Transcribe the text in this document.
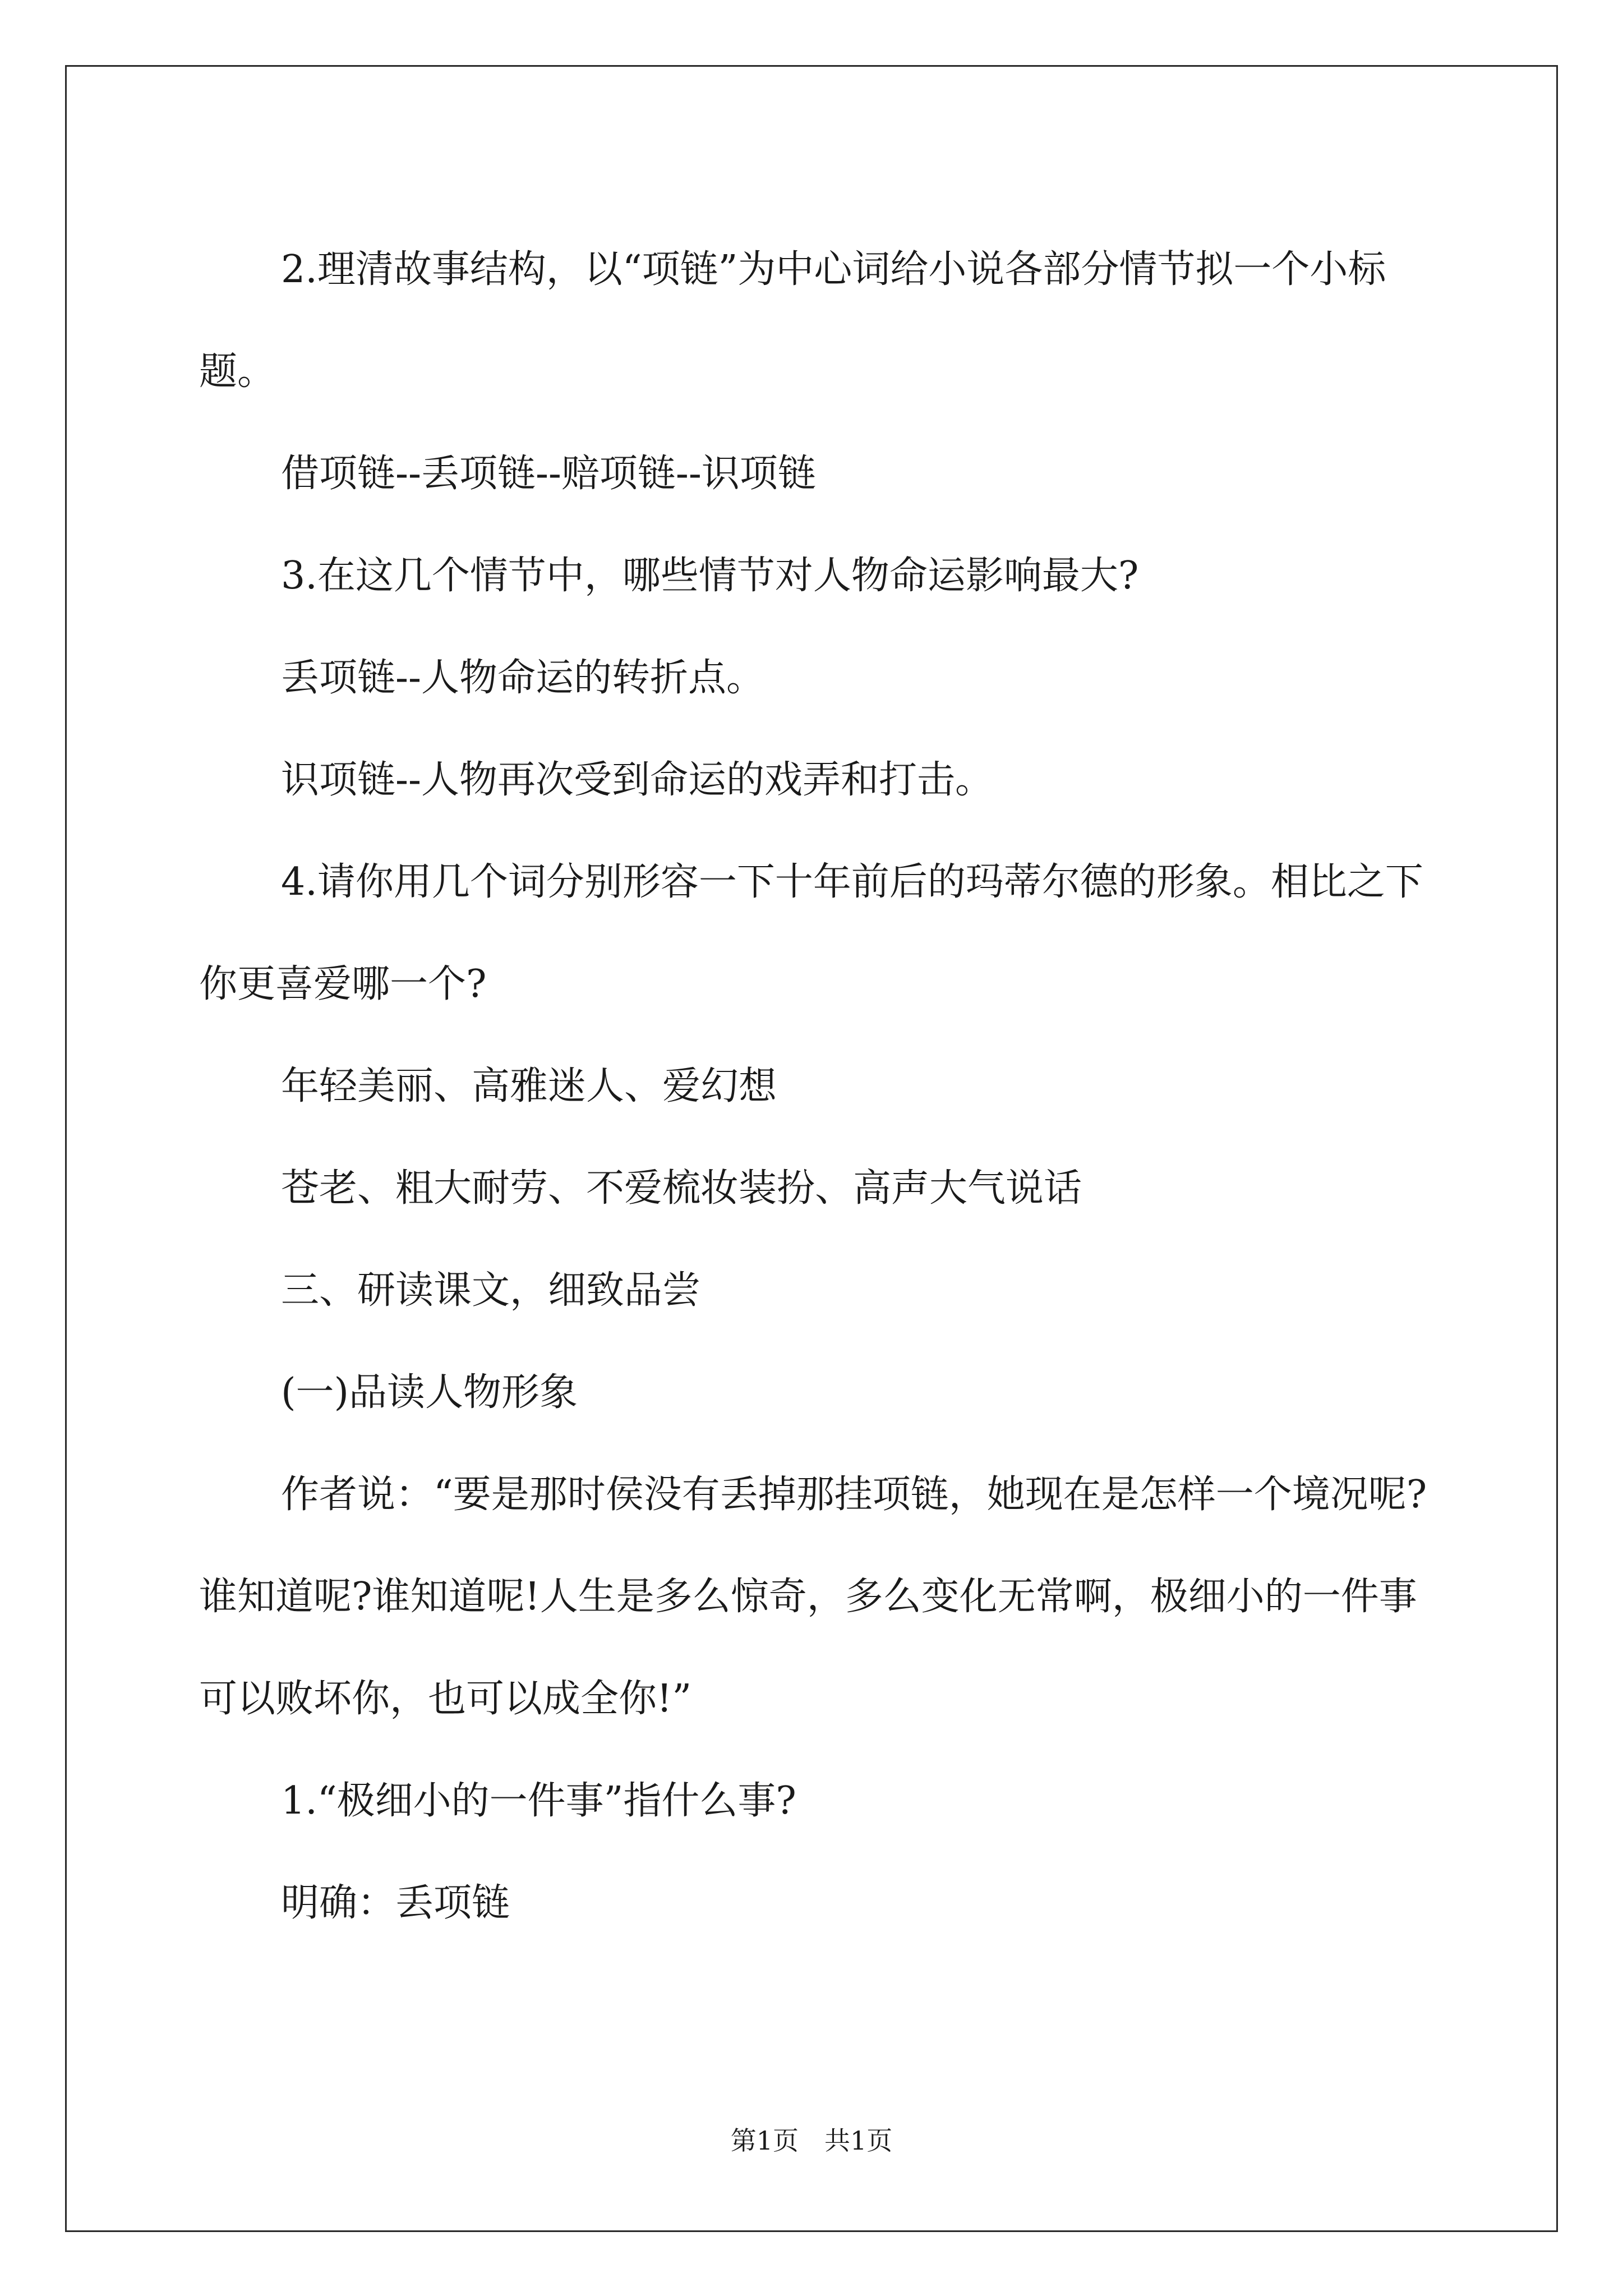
2.理清故事结构，以“项链”为中心词给小说各部分情节拟一个小标题。

借项链--丢项链--赔项链--识项链

3.在这几个情节中，哪些情节对人物命运影响最大?

丢项链--人物命运的转折点。

识项链--人物再次受到命运的戏弄和打击。

4.请你用几个词分别形容一下十年前后的玛蒂尔德的形象。相比之下你更喜爱哪一个?

年轻美丽、高雅迷人、爱幻想

苍老、粗大耐劳、不爱梳妆装扮、高声大气说话

三、研读课文，细致品尝

(一)品读人物形象

作者说：“要是那时侯没有丢掉那挂项链，她现在是怎样一个境况呢?谁知道呢?谁知道呢!人生是多么惊奇，多么变化无常啊，极细小的一件事可以败坏你，也可以成全你!”

1.“极细小的一件事”指什么事?

明确：丢项链

第1页 共1页
